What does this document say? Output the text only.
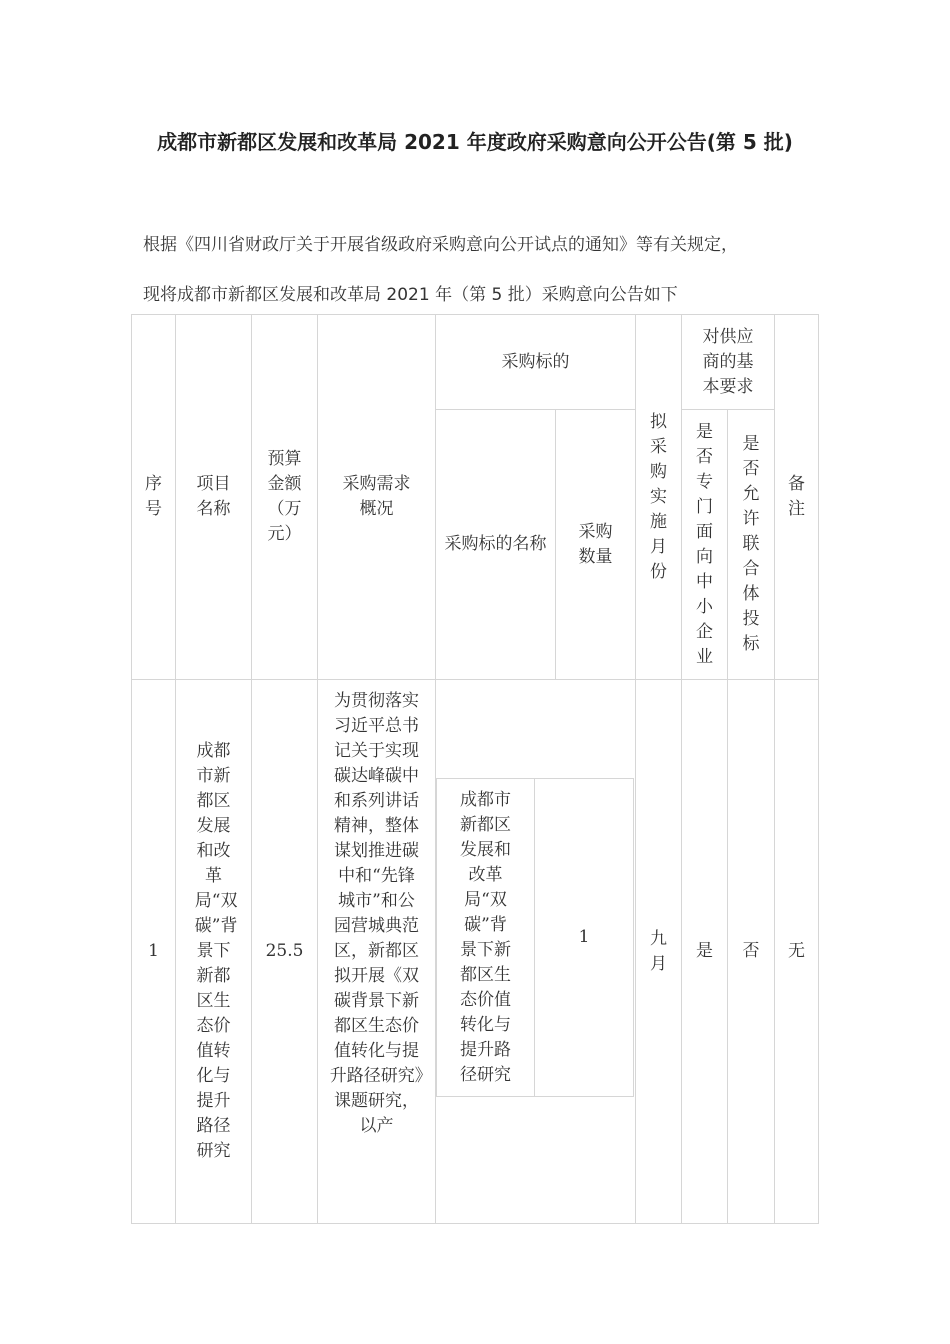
成都市新都区发展和改革局 2021 年度政府采购意向公开公告(第 5 批)
根据《四川省财政厅关于开展省级政府采购意向公开试点的通知》等有关规定，
现将成都市新都区发展和改革局 2021 年（第 5 批）采购意向公告如下
序号
项目名称
预算金额（万元）
采购需求概况
采购标的
采购标的名称
采购数量
拟采购实施月份
对供应商的基本要求
是否专门面向中小企业
是否允许联合体投标
备注
1
成都市新都区发展和改革局“双碳”背景下新都区生态价值转化与提升路径研究
25.5
为贯彻落实习近平总书记关于实现碳达峰碳中和系列讲话精神，整体谋划推进碳中和“先锋城市”和公园营城典范区，新都区拟开展《双碳背景下新都区生态价值转化与提升路径研究》课题研究，以产
成都市新都区发展和改革局“双碳”背景下新都区生态价值转化与提升路径研究
1	九月
是 否 无
